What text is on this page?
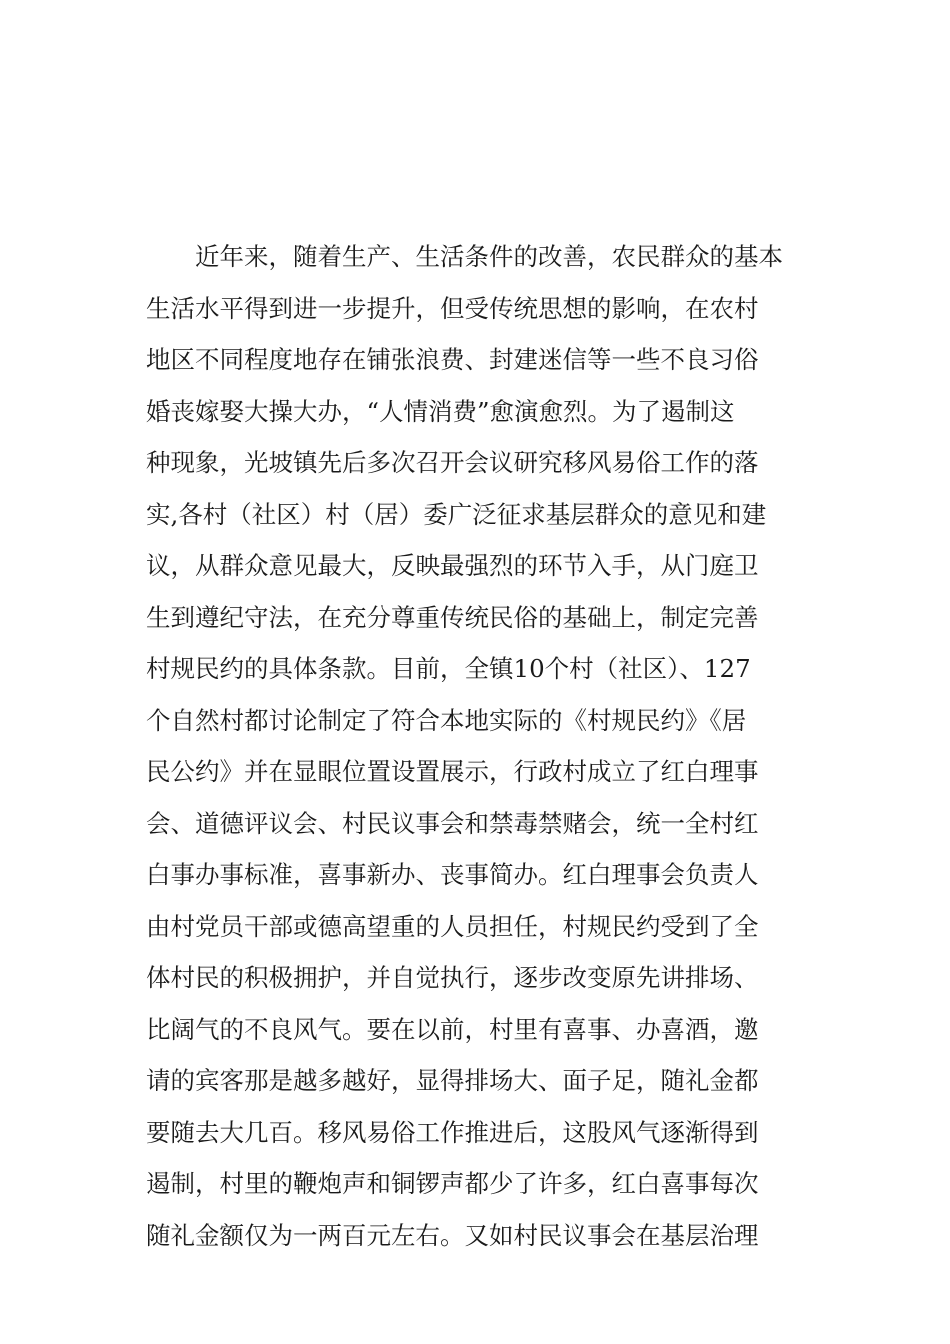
近年来，随着生产、生活条件的改善，农民群众的基本
生活水平得到进一步提升，但受传统思想的影响，在农村
地区不同程度地存在铺张浪费、封建迷信等一些不良习俗
婚丧嫁娶大操大办，“人情消费”愈演愈烈。为了遏制这
种现象，光坡镇先后多次召开会议研究移风易俗工作的落
实,各村（社区）村（居）委广泛征求基层群众的意见和建
议，从群众意见最大，反映最强烈的环节入手，从门庭卫
生到遵纪守法，在充分尊重传统民俗的基础上，制定完善
村规民约的具体条款。目前，全镇10个村（社区）、127
个自然村都讨论制定了符合本地实际的《村规民约》《居
民公约》并在显眼位置设置展示，行政村成立了红白理事
会、道德评议会、村民议事会和禁毒禁赌会，统一全村红
白事办事标准，喜事新办、丧事简办。红白理事会负责人
由村党员干部或德高望重的人员担任，村规民约受到了全
体村民的积极拥护，并自觉执行，逐步改变原先讲排场、
比阔气的不良风气。要在以前，村里有喜事、办喜酒，邀
请的宾客那是越多越好，显得排场大、面子足，随礼金都
要随去大几百。移风易俗工作推进后，这股风气逐渐得到
遏制，村里的鞭炮声和铜锣声都少了许多，红白喜事每次
随礼金额仅为一两百元左右。又如村民议事会在基层治理
